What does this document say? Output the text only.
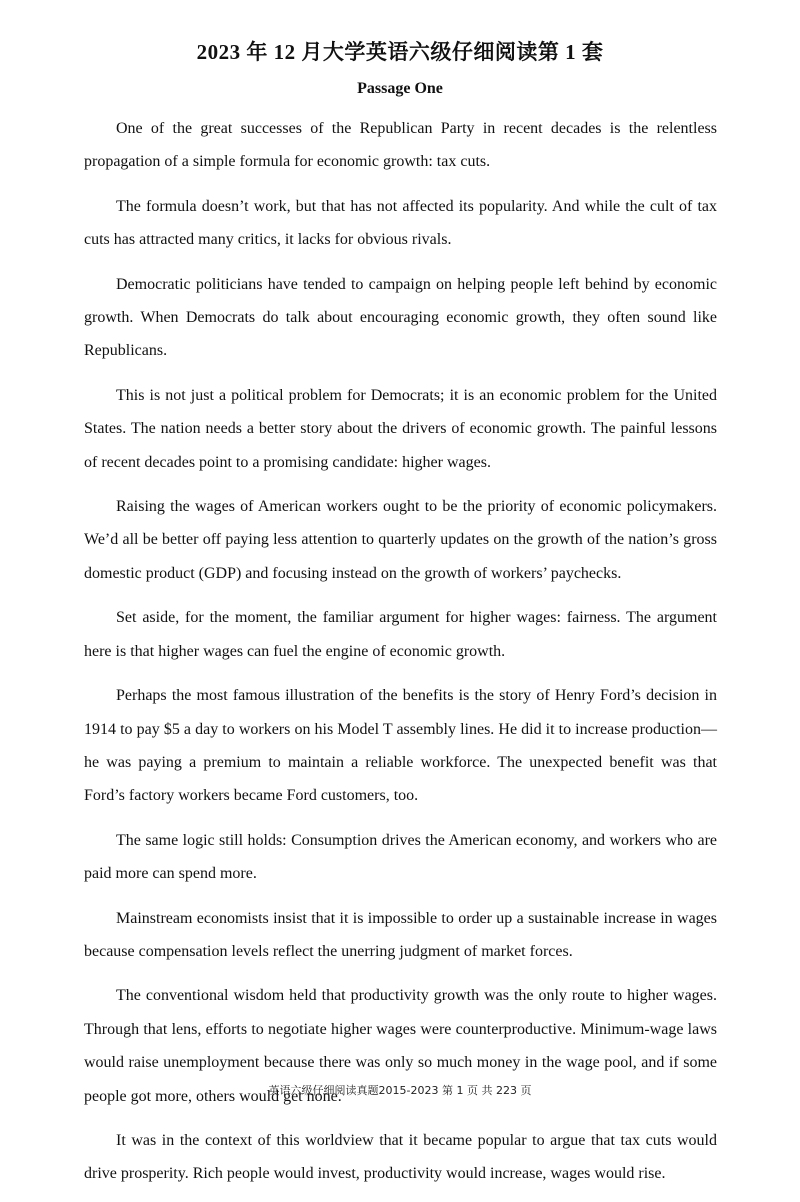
2023 年 12 月大学英语六级仔细阅读第 1 套
Passage One

One of the great successes of the Republican Party in recent decades is the relentless propagation of a simple formula for economic growth: tax cuts.

The formula doesn’t work, but that has not affected its popularity. And while the cult of tax cuts has attracted many critics, it lacks for obvious rivals.

Democratic politicians have tended to campaign on helping people left behind by economic growth. When Democrats do talk about encouraging economic growth, they often sound like Republicans.

This is not just a political problem for Democrats; it is an economic problem for the United States. The nation needs a better story about the drivers of economic growth. The painful lessons of recent decades point to a promising candidate: higher wages.

Raising the wages of American workers ought to be the priority of economic policymakers. We’d all be better off paying less attention to quarterly updates on the growth of the nation’s gross domestic product (GDP) and focusing instead on the growth of workers’ paychecks.

Set aside, for the moment, the familiar argument for higher wages: fairness. The argument here is that higher wages can fuel the engine of economic growth.

Perhaps the most famous illustration of the benefits is the story of Henry Ford’s decision in 1914 to pay $5 a day to workers on his Model T assembly lines. He did it to increase production—he was paying a premium to maintain a reliable workforce. The unexpected benefit was that Ford’s factory workers became Ford customers, too.

The same logic still holds: Consumption drives the American economy, and workers who are paid more can spend more.

Mainstream economists insist that it is impossible to order up a sustainable increase in wages because compensation levels reflect the unerring judgment of market forces.

The conventional wisdom held that productivity growth was the only route to higher wages. Through that lens, efforts to negotiate higher wages were counterproductive. Minimum-wage laws would raise unemployment because there was only so much money in the wage pool, and if some people got more, others would get none.

It was in the context of this worldview that it became popular to argue that tax cuts would drive prosperity. Rich people would invest, productivity would increase, wages would rise.

英语六级仔细阅读真题2015-2023 第 1 页 共 223 页
